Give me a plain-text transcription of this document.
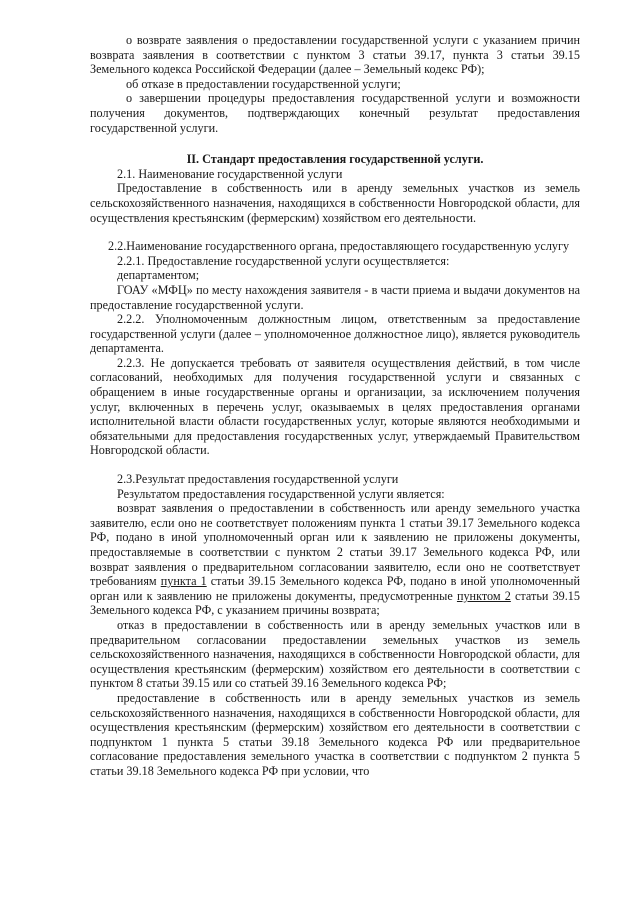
о возврате заявления о предоставлении государственной услуги с указанием причин возврата заявления в соответствии с пунктом 3 статьи 39.17, пункта 3 статьи 39.15 Земельного кодекса Российской Федерации (далее – Земельный кодекс РФ);

об отказе в предоставлении государственной услуги;

о завершении процедуры предоставления государственной услуги и возможности получения документов, подтверждающих конечный результат предоставления государственной услуги.

II. Стандарт предоставления государственной услуги.

2.1. Наименование государственной услуги

Предоставление в собственность или в аренду земельных участков из земель сельскохозяйственного назначения, находящихся в собственности Новгородской области, для осуществления крестьянским (фермерским) хозяйством его деятельности.

2.2.Наименование государственного органа, предоставляющего государственную услугу

2.2.1. Предоставление государственной услуги осуществляется:

департаментом;

ГОАУ «МФЦ» по месту нахождения заявителя - в части приема и выдачи документов на предоставление государственной услуги.

2.2.2. Уполномоченным должностным лицом, ответственным за предоставление государственной услуги (далее – уполномоченное должностное лицо), является руководитель департамента.

2.2.3. Не допускается требовать от заявителя осуществления действий, в том числе согласований, необходимых для получения государственной услуги и связанных с обращением в иные государственные органы и организации, за исключением получения услуг, включенных в перечень услуг, оказываемых в целях предоставления органами исполнительной власти области государственных услуг, которые являются необходимыми и обязательными для предоставления государственных услуг, утверждаемый Правительством Новгородской области.

2.3.Результат предоставления государственной услуги

Результатом предоставления государственной услуги является:

возврат заявления о предоставлении в собственность или аренду земельного участка заявителю, если оно не соответствует положениям пункта 1 статьи 39.17 Земельного кодекса РФ, подано в иной уполномоченный орган или к заявлению не приложены документы, предоставляемые в соответствии с пунктом 2 статьи 39.17 Земельного кодекса РФ, или возврат заявления о предварительном согласовании заявителю, если оно не соответствует требованиям пункта 1 статьи 39.15 Земельного кодекса РФ, подано в иной уполномоченный орган или к заявлению не приложены документы, предусмотренные пунктом 2 статьи 39.15 Земельного кодекса РФ, с указанием причины возврата;

отказ в предоставлении в собственность или в аренду земельных участков или в предварительном согласовании предоставлении земельных участков из земель сельскохозяйственного назначения, находящихся в собственности Новгородской области, для осуществления крестьянским (фермерским) хозяйством его деятельности в соответствии с пунктом 8 статьи 39.15 или со статьей 39.16 Земельного кодекса РФ;

предоставление в собственность или в аренду земельных участков из земель сельскохозяйственного назначения, находящихся в собственности Новгородской области, для осуществления крестьянским (фермерским) хозяйством его деятельности в соответствии с подпунктом 1 пункта 5 статьи 39.18 Земельного кодекса РФ или предварительное согласование предоставления земельного участка в соответствии с подпунктом 2 пункта 5 статьи 39.18 Земельного кодекса РФ при условии, что
